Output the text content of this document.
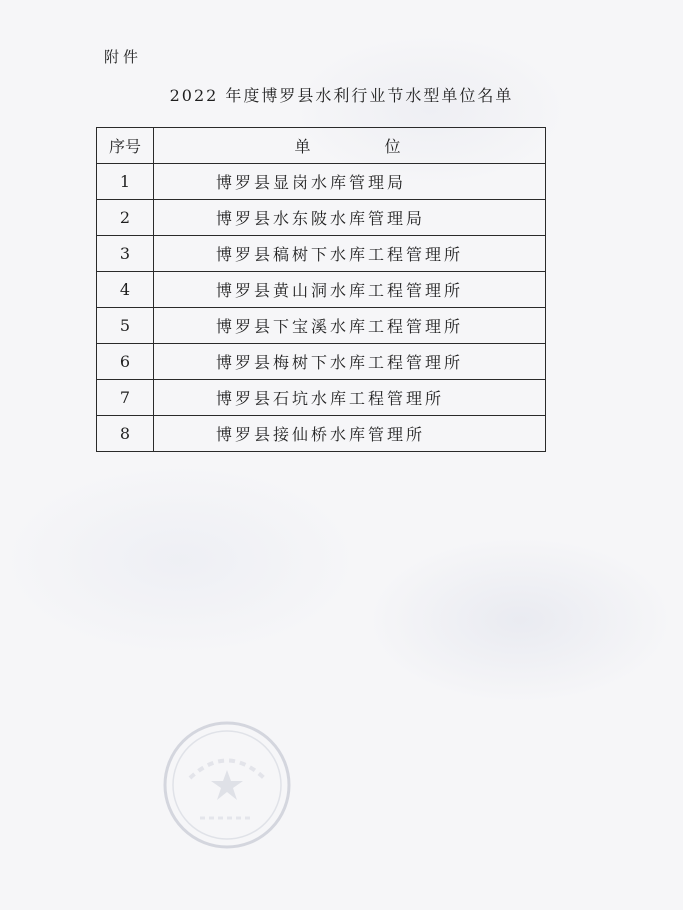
附件
2022 年度博罗县水利行业节水型单位名单
序号	单 位
1	博罗县显岗水库管理局
2	博罗县水东陂水库管理局
3	博罗县稿树下水库工程管理所
4	博罗县黄山洞水库工程管理所
5	博罗县下宝溪水库工程管理所
6	博罗县梅树下水库工程管理所
7	博罗县石坑水库工程管理所
8	博罗县接仙桥水库管理所
